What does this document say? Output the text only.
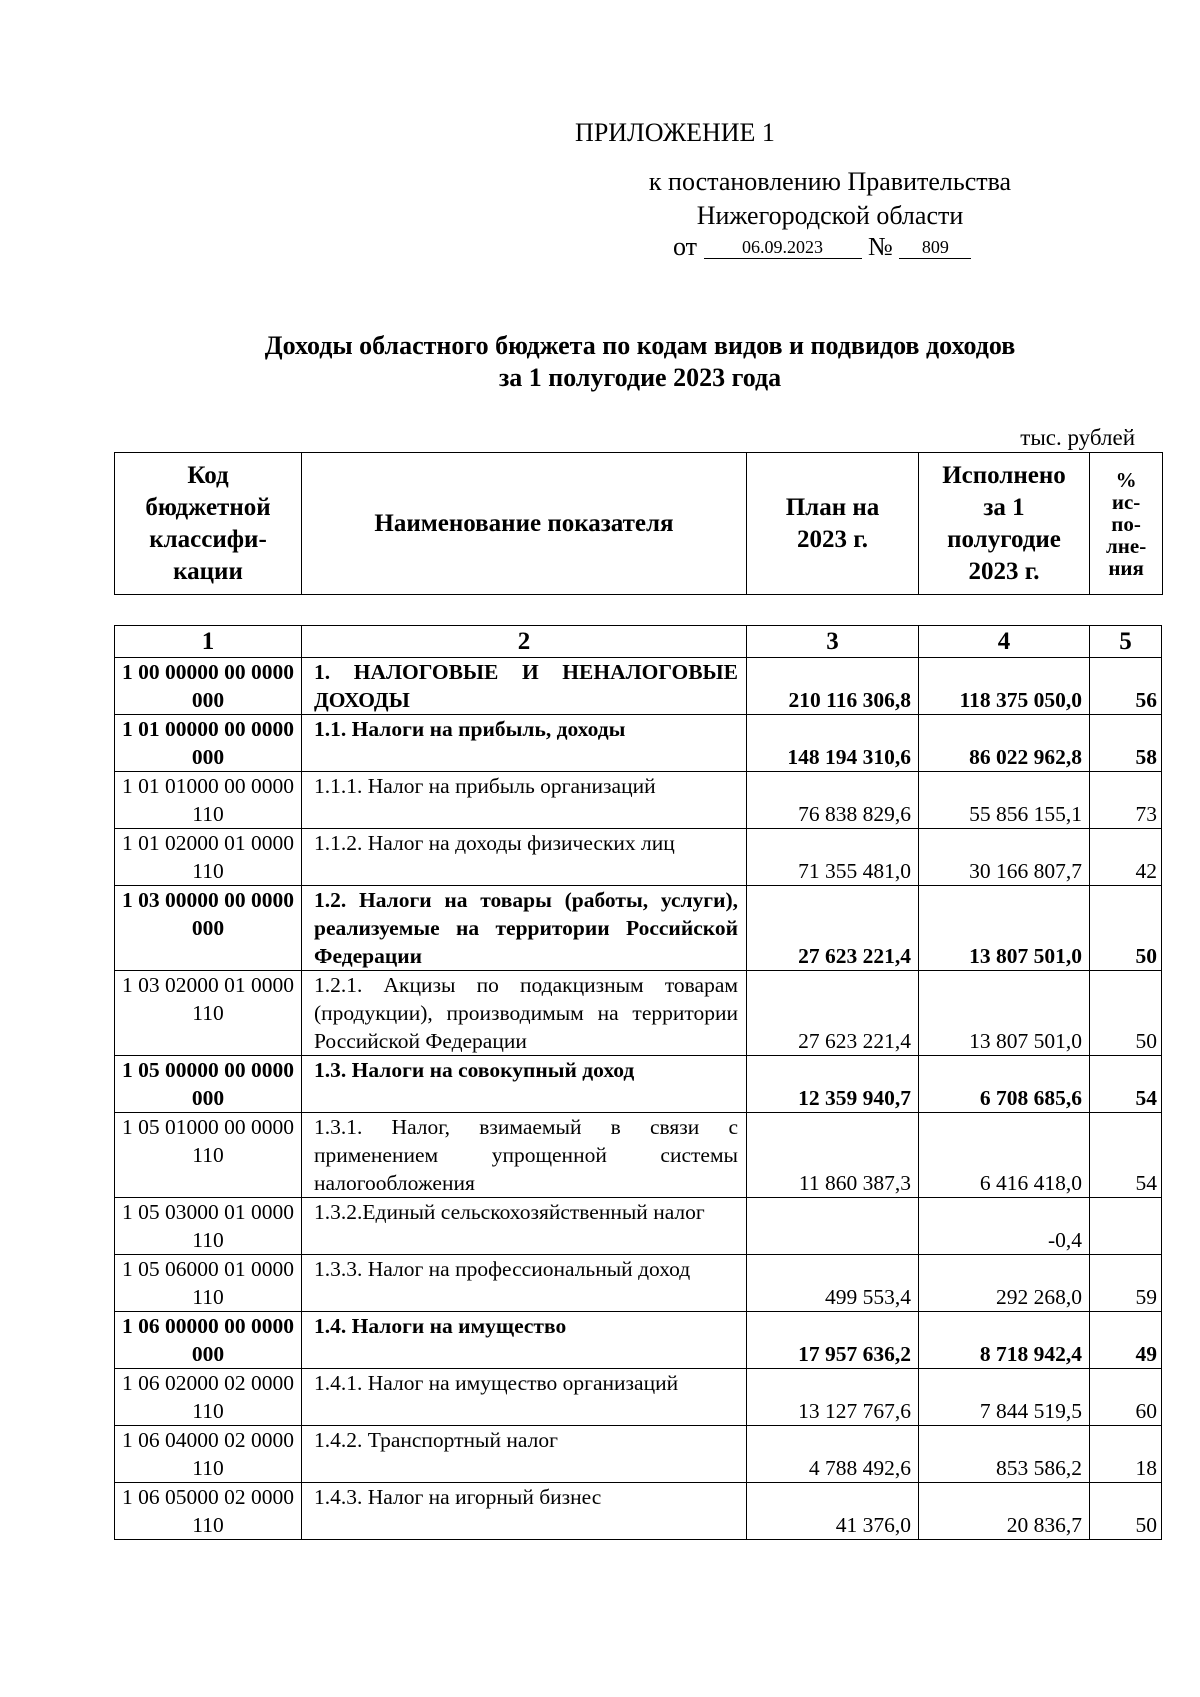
ПРИЛОЖЕНИЕ 1
к постановлению Правительства
Нижегородской области
от	06.09.2023 № 809
Доходы областного бюджета по кодам видов и подвидов доходов
за 1 полугодие 2023 года
тыс. рублей
Код бюджетной классифи-кации	Наименование показателя	План на 2023 г.	Исполнено за 1 полугодие 2023 г.	% ис-по-лне-ния
1	2	3	4	5
1 00 00000 00 0000 000	1. НАЛОГОВЫЕ И НЕНАЛОГОВЫЕ ДОХОДЫ	210 116 306,8	118 375 050,0	56
1 01 00000 00 0000 000	1.1. Налоги на прибыль, доходы	148 194 310,6	86 022 962,8	58
1 01 01000 00 0000 110	1.1.1. Налог на прибыль организаций	76 838 829,6	55 856 155,1	73
1 01 02000 01 0000 110	1.1.2. Налог на доходы физических лиц	71 355 481,0	30 166 807,7	42
1 03 00000 00 0000 000	1.2. Налоги на товары (работы, услуги), реализуемые на территории Российской Федерации	27 623 221,4	13 807 501,0	50
1 03 02000 01 0000 110	1.2.1. Акцизы по подакцизным товарам (продукции), производимым на территории Российской Федерации	27 623 221,4	13 807 501,0	50
1 05 00000 00 0000 000	1.3. Налоги на совокупный доход	12 359 940,7	6 708 685,6	54
1 05 01000 00 0000 110	1.3.1. Налог, взимаемый в связи с применением упрощенной системы налогообложения	11 860 387,3	6 416 418,0	54
1 05 03000 01 0000 110	1.3.2.Единый сельскохозяйственный налог		-0,4	
1 05 06000 01 0000 110	1.3.3. Налог на профессиональный доход	499 553,4	292 268,0	59
1 06 00000 00 0000 000	1.4. Налоги на имущество	17 957 636,2	8 718 942,4	49
1 06 02000 02 0000 110	1.4.1. Налог на имущество организаций	13 127 767,6	7 844 519,5	60
1 06 04000 02 0000 110	1.4.2. Транспортный налог	4 788 492,6	853 586,2	18
1 06 05000 02 0000 110	1.4.3. Налог на игорный бизнес	41 376,0	20 836,7	50
